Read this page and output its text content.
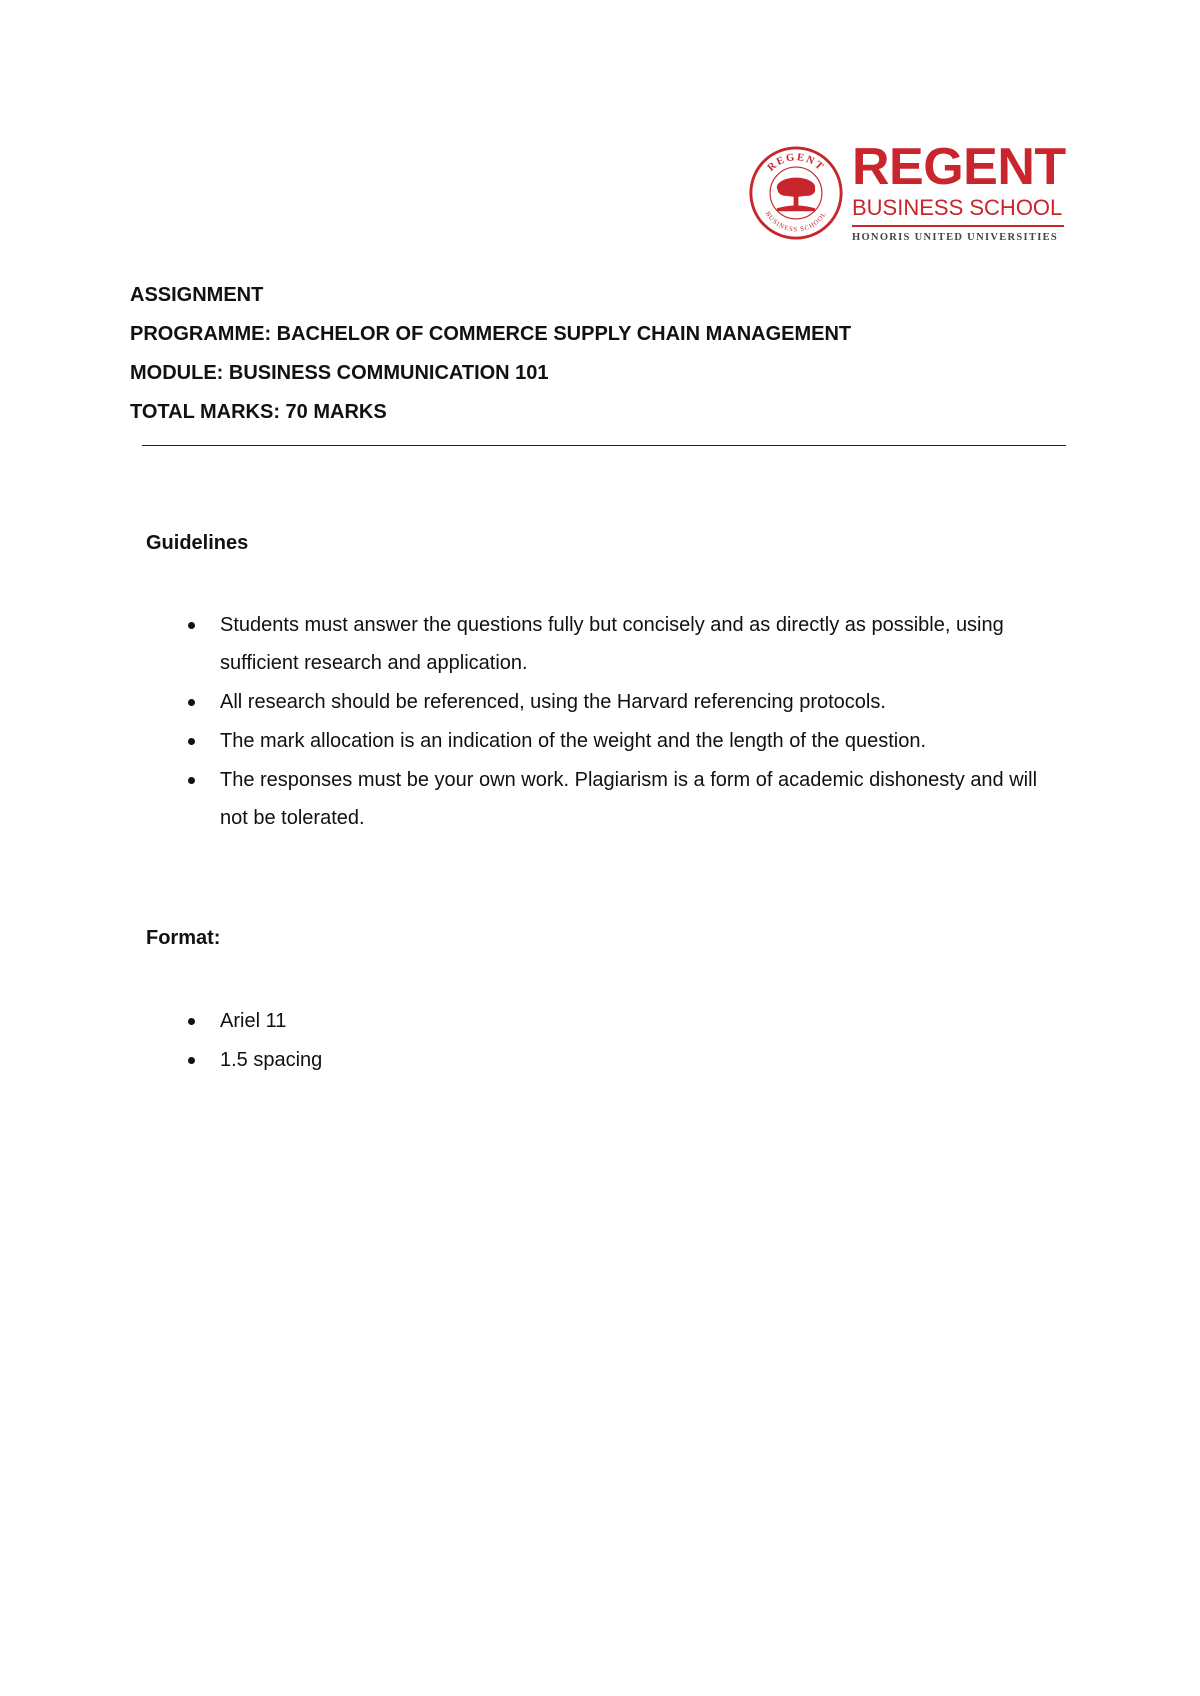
REGENT
BUSINESS SCHOOL
REGENT
BUSINESS SCHOOL
HONORIS UNITED UNIVERSITIES
ASSIGNMENT
PROGRAMME: BACHELOR OF COMMERCE SUPPLY CHAIN MANAGEMENT
MODULE: BUSINESS COMMUNICATION 101
TOTAL MARKS: 70 MARKS
Guidelines
Students must answer the questions fully but concisely and as directly as possible, using sufficient research and application.
All research should be referenced, using the Harvard referencing protocols.
The mark allocation is an indication of the weight and the length of the question.
The responses must be your own work. Plagiarism is a form of academic dishonesty and will not be tolerated.
Format:
Ariel 11
1.5 spacing
